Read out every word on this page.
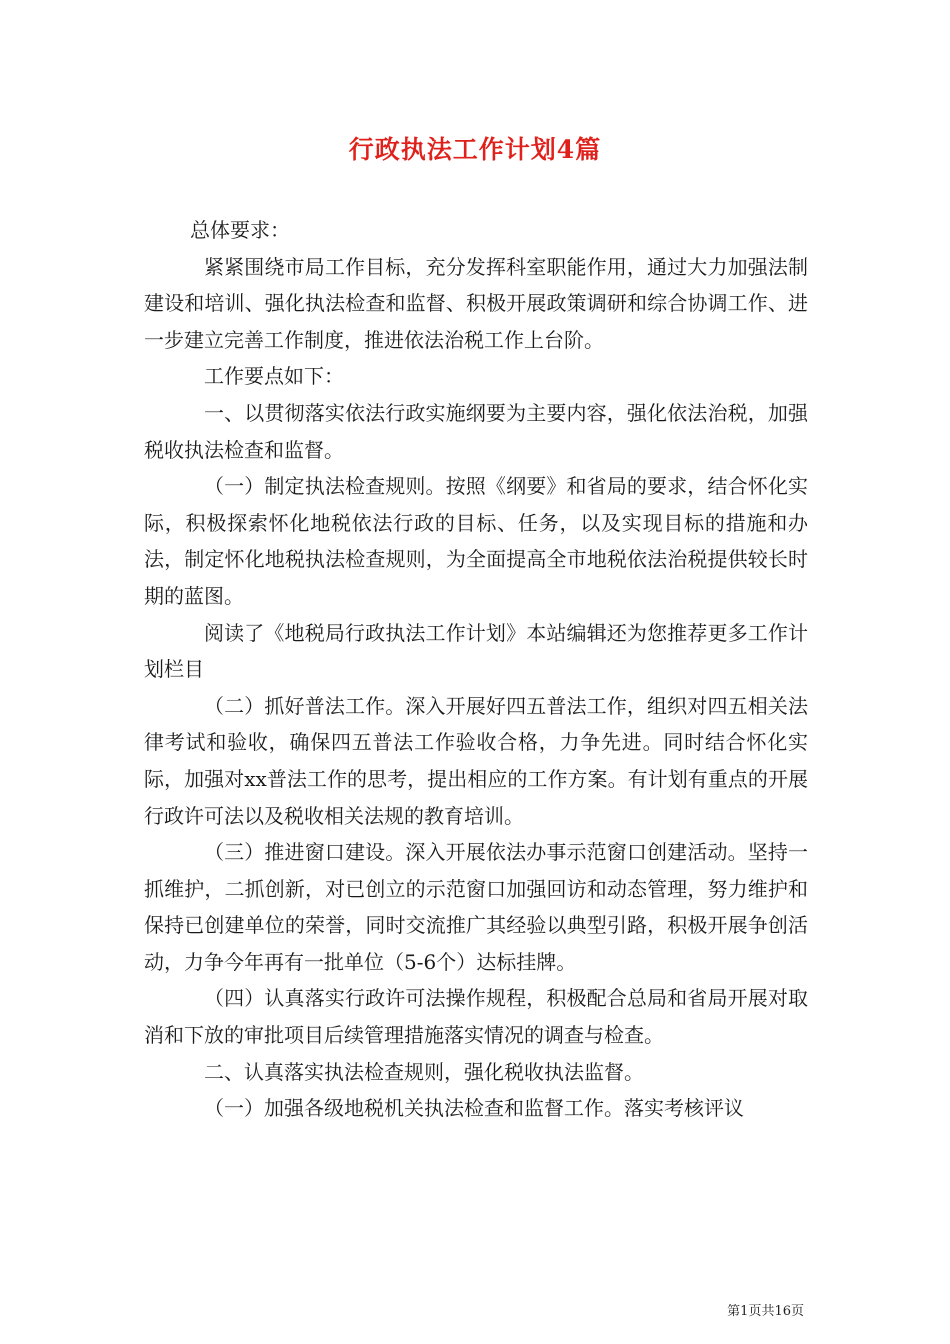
行政执法工作计划4篇

总体要求：

紧紧围绕市局工作目标，充分发挥科室职能作用，通过大力加强法制建设和培训、强化执法检查和监督、积极开展政策调研和综合协调工作、进一步建立完善工作制度，推进依法治税工作上台阶。

工作要点如下：

一、以贯彻落实依法行政实施纲要为主要内容，强化依法治税，加强税收执法检查和监督。

（一）制定执法检查规则。按照《纲要》和省局的要求，结合怀化实际，积极探索怀化地税依法行政的目标、任务，以及实现目标的措施和办法，制定怀化地税执法检查规则，为全面提高全市地税依法治税提供较长时期的蓝图。

阅读了《地税局行政执法工作计划》本站编辑还为您推荐更多工作计划栏目

（二）抓好普法工作。深入开展好四五普法工作，组织对四五相关法律考试和验收，确保四五普法工作验收合格，力争先进。同时结合怀化实际，加强对xx普法工作的思考，提出相应的工作方案。有计划有重点的开展行政许可法以及税收相关法规的教育培训。

（三）推进窗口建设。深入开展依法办事示范窗口创建活动。坚持一抓维护，二抓创新，对已创立的示范窗口加强回访和动态管理，努力维护和保持已创建单位的荣誉，同时交流推广其经验以典型引路，积极开展争创活动，力争今年再有一批单位（5-6个）达标挂牌。

（四）认真落实行政许可法操作规程，积极配合总局和省局开展对取消和下放的审批项目后续管理措施落实情况的调查与检查。

二、认真落实执法检查规则，强化税收执法监督。

（一）加强各级地税机关执法检查和监督工作。落实考核评议

第1页共16页
